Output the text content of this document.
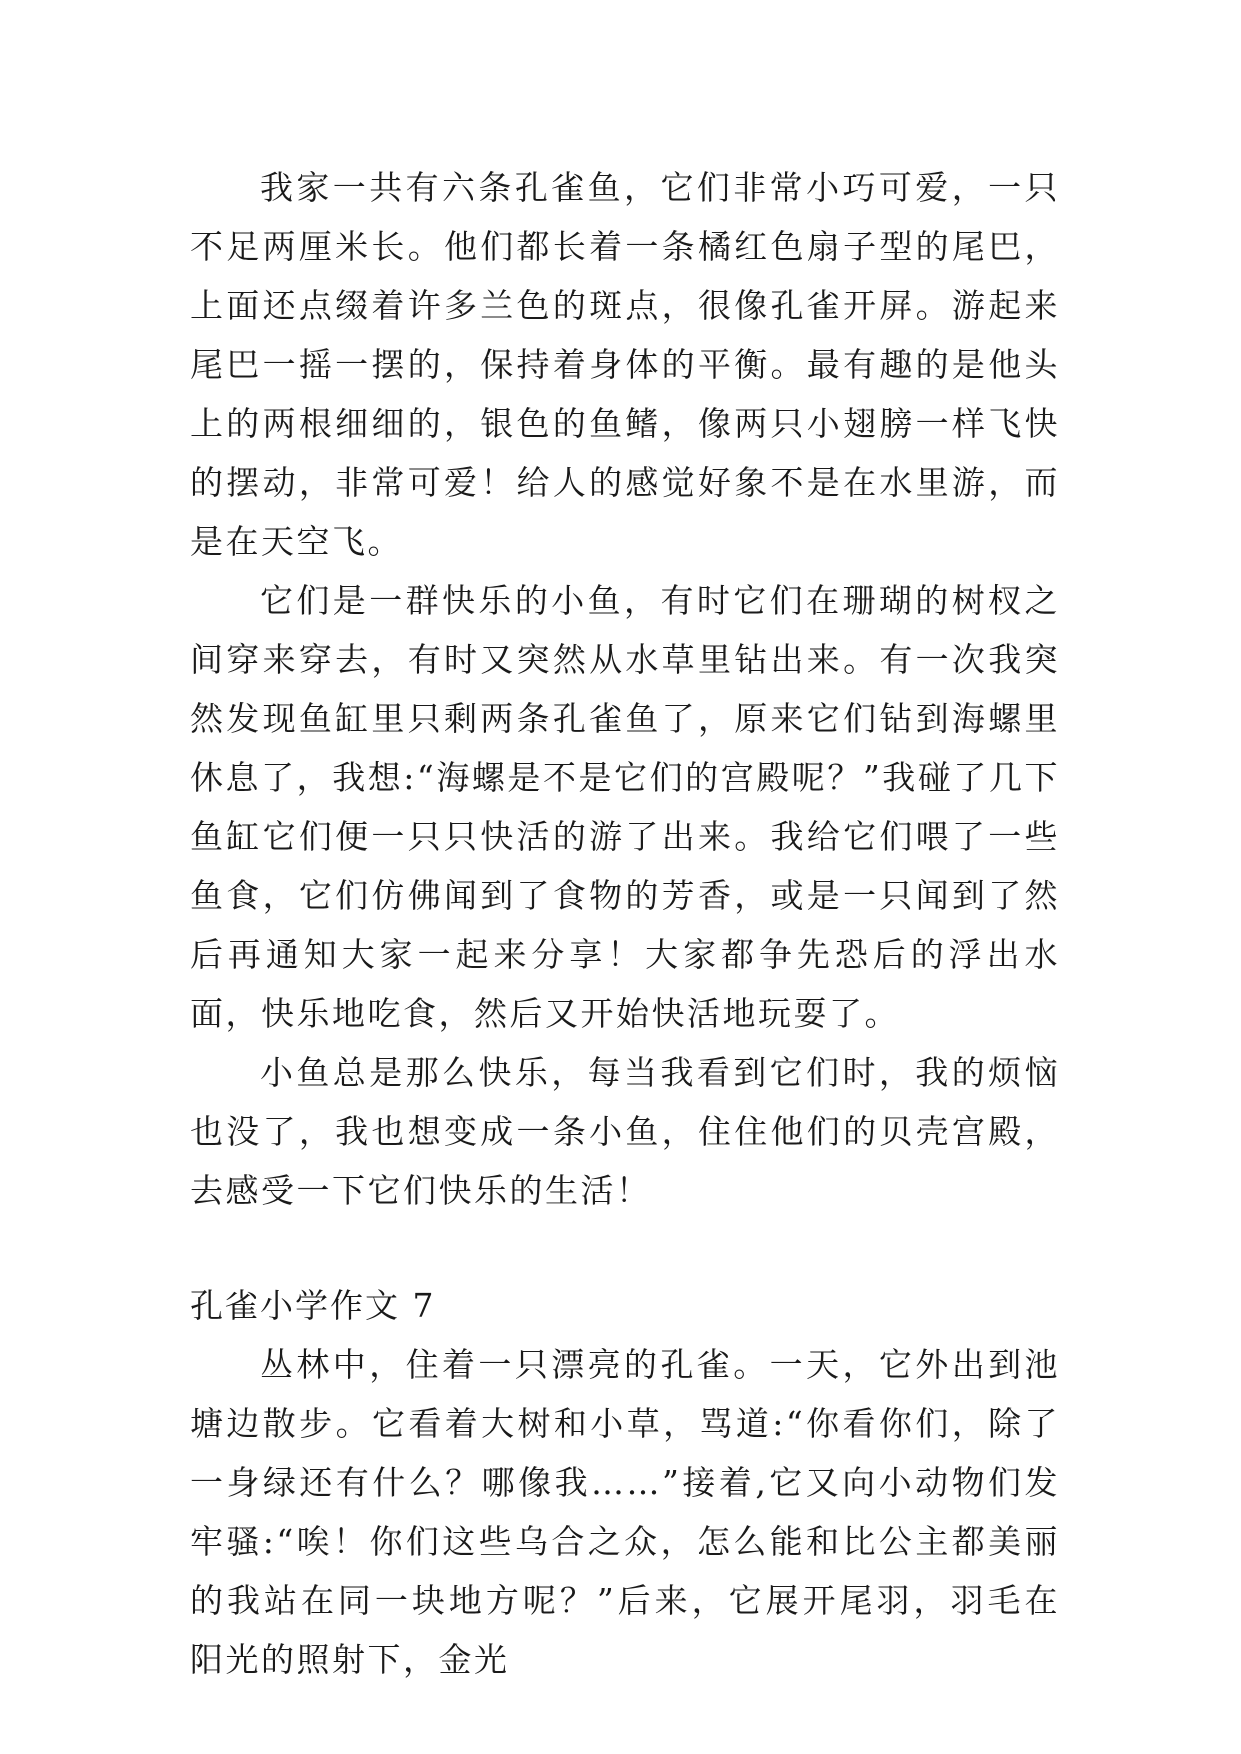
我家一共有六条孔雀鱼，它们非常小巧可爱，一只不足两厘米长。他们都长着一条橘红色扇子型的尾巴，上面还点缀着许多兰色的斑点，很像孔雀开屏。游起来尾巴一摇一摆的，保持着身体的平衡。最有趣的是他头上的两根细细的，银色的鱼鳍，像两只小翅膀一样飞快的摆动，非常可爱！给人的感觉好象不是在水里游，而是在天空飞。

它们是一群快乐的小鱼，有时它们在珊瑚的树杈之间穿来穿去，有时又突然从水草里钻出来。有一次我突然发现鱼缸里只剩两条孔雀鱼了，原来它们钻到海螺里休息了，我想:“海螺是不是它们的宫殿呢？”我碰了几下鱼缸它们便一只只快活的游了出来。我给它们喂了一些鱼食，它们仿佛闻到了食物的芳香，或是一只闻到了然后再通知大家一起来分享！大家都争先恐后的浮出水面，快乐地吃食，然后又开始快活地玩耍了。

小鱼总是那么快乐，每当我看到它们时，我的烦恼也没了，我也想变成一条小鱼，住住他们的贝壳宫殿，去感受一下它们快乐的生活！

孔雀小学作文 7

丛林中，住着一只漂亮的孔雀。一天，它外出到池塘边散步。它看着大树和小草，骂道:“你看你们，除了一身绿还有什么？哪像我……”接着,它又向小动物们发牢骚:“唉！你们这些乌合之众，怎么能和比公主都美丽的我站在同一块地方呢？”后来，它展开尾羽，羽毛在阳光的照射下，金光
